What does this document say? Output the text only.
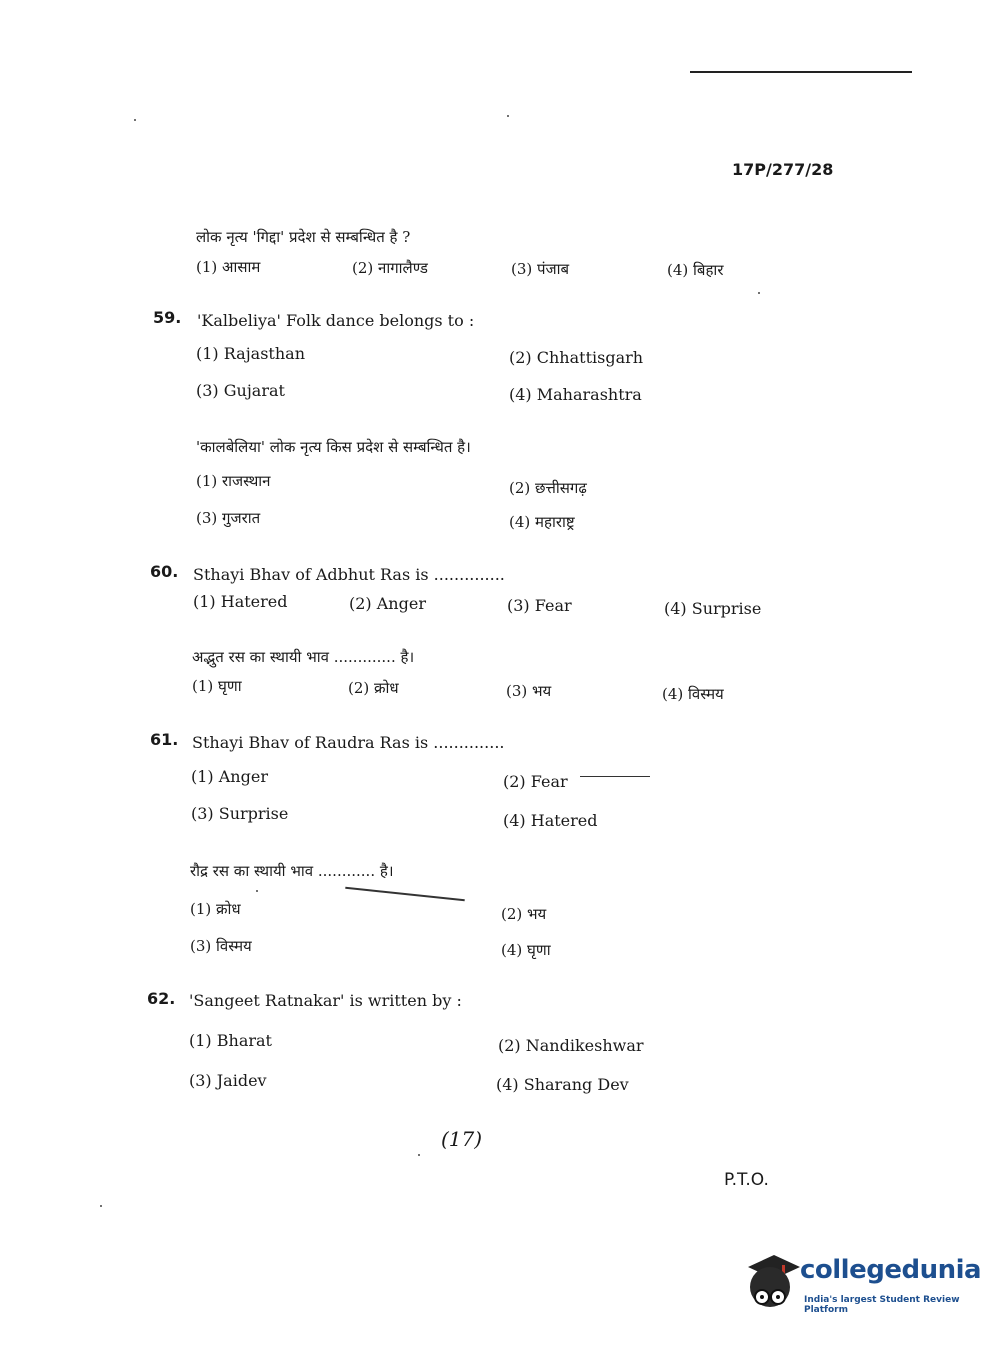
17P/277/28
लोक नृत्य 'गिद्दा' प्रदेश से सम्बन्धित है ?
(1) आसाम	(2) नागालैण्ड	(3) पंजाब	(4) बिहार
59. 'Kalbeliya' Folk dance belongs to :
(1) Rajasthan	(2) Chhattisgarh
(3) Gujarat	(4) Maharashtra
'कालबेलिया' लोक नृत्य किस प्रदेश से सम्बन्धित है।
(1) राजस्थान	(2) छत्तीसगढ़
(3) गुजरात	(4) महाराष्ट्र
60. Sthayi Bhav of Adbhut Ras is ..............
(1) Hatered	(2) Anger	(3) Fear	(4) Surprise
अद्भुत रस का स्थायी भाव ............. है।
(1) घृणा	(2) क्रोध	(3) भय	(4) विस्मय
61. Sthayi Bhav of Raudra Ras is ..............
(1) Anger	(2) Fear
(3) Surprise	(4) Hatered
रौद्र रस का स्थायी भाव ............ है।
(1) क्रोध	(2) भय
(3) विस्मय	(4) घृणा
62. 'Sangeet Ratnakar' is written by :
(1) Bharat	(2) Nandikeshwar
(3) Jaidev	(4) Sharang Dev
(17)
P.T.O.
collegedunia
India's largest Student Review Platform
